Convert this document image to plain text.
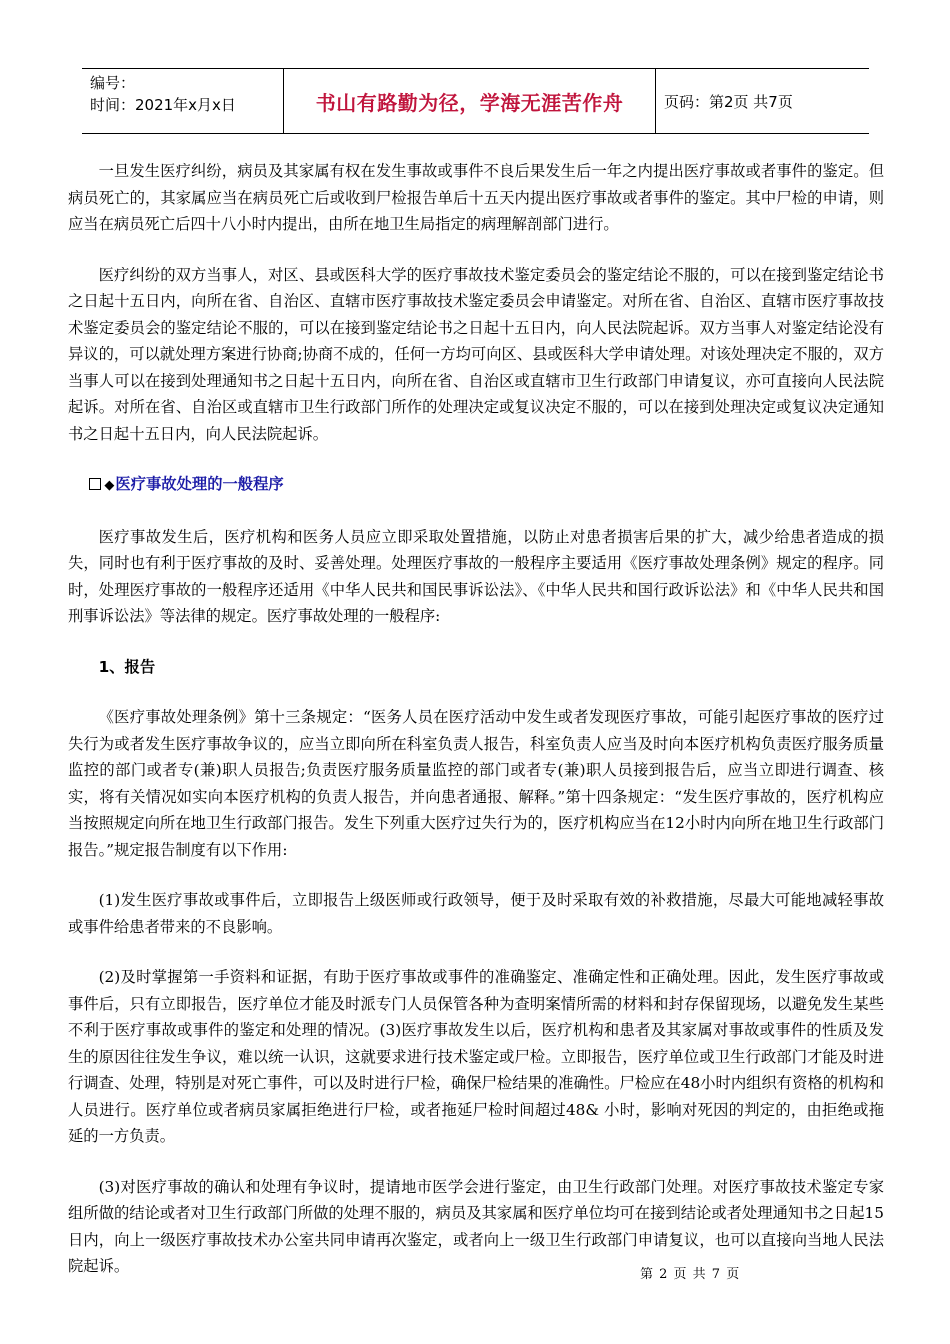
编号：
时间：2021年x月x日	书山有路勤为径，学海无涯苦作舟	页码：第2页 共7页

一旦发生医疗纠纷，病员及其家属有权在发生事故或事件不良后果发生后一年之内提出医疗事故或者事件的鉴定。但病员死亡的，其家属应当在病员死亡后或收到尸检报告单后十五天内提出医疗事故或者事件的鉴定。其中尸检的申请，则应当在病员死亡后四十八小时内提出，由所在地卫生局指定的病理解剖部门进行。

医疗纠纷的双方当事人，对区、县或医科大学的医疗事故技术鉴定委员会的鉴定结论不服的，可以在接到鉴定结论书之日起十五日内，向所在省、自治区、直辖市医疗事故技术鉴定委员会申请鉴定。对所在省、自治区、直辖市医疗事故技术鉴定委员会的鉴定结论不服的，可以在接到鉴定结论书之日起十五日内，向人民法院起诉。双方当事人对鉴定结论没有异议的，可以就处理方案进行协商;协商不成的，任何一方均可向区、县或医科大学申请处理。对该处理决定不服的，双方当事人可以在接到处理通知书之日起十五日内，向所在省、自治区或直辖市卫生行政部门申请复议，亦可直接向人民法院起诉。对所在省、自治区或直辖市卫生行政部门所作的处理决定或复议决定不服的，可以在接到处理决定或复议决定通知书之日起十五日内，向人民法院起诉。

◆医疗事故处理的一般程序

医疗事故发生后，医疗机构和医务人员应立即采取处置措施，以防止对患者损害后果的扩大，减少给患者造成的损失，同时也有利于医疗事故的及时、妥善处理。处理医疗事故的一般程序主要适用《医疗事故处理条例》规定的程序。同时，处理医疗事故的一般程序还适用《中华人民共和国民事诉讼法》、《中华人民共和国行政诉讼法》和《中华人民共和国刑事诉讼法》等法律的规定。医疗事故处理的一般程序:

1、报告

《医疗事故处理条例》第十三条规定：“医务人员在医疗活动中发生或者发现医疗事故，可能引起医疗事故的医疗过失行为或者发生医疗事故争议的，应当立即向所在科室负责人报告，科室负责人应当及时向本医疗机构负责医疗服务质量监控的部门或者专(兼)职人员报告;负责医疗服务质量监控的部门或者专(兼)职人员接到报告后，应当立即进行调查、核实，将有关情况如实向本医疗机构的负责人报告，并向患者通报、解释。”第十四条规定：“发生医疗事故的，医疗机构应当按照规定向所在地卫生行政部门报告。发生下列重大医疗过失行为的，医疗机构应当在12小时内向所在地卫生行政部门报告。”规定报告制度有以下作用:

(1)发生医疗事故或事件后，立即报告上级医师或行政领导，便于及时采取有效的补救措施，尽最大可能地减轻事故或事件给患者带来的不良影响。

(2)及时掌握第一手资料和证据，有助于医疗事故或事件的准确鉴定、准确定性和正确处理。因此，发生医疗事故或事件后，只有立即报告，医疗单位才能及时派专门人员保管各种为查明案情所需的材料和封存保留现场，以避免发生某些不利于医疗事故或事件的鉴定和处理的情况。(3)医疗事故发生以后，医疗机构和患者及其家属对事故或事件的性质及发生的原因往往发生争议，难以统一认识，这就要求进行技术鉴定或尸检。立即报告，医疗单位或卫生行政部门才能及时进行调查、处理，特别是对死亡事件，可以及时进行尸检，确保尸检结果的准确性。尸检应在48小时内组织有资格的机构和人员进行。医疗单位或者病员家属拒绝进行尸检，或者拖延尸检时间超过48& 小时，影响对死因的判定的，由拒绝或拖延的一方负责。

(3)对医疗事故的确认和处理有争议时，提请地市医学会进行鉴定，由卫生行政部门处理。对医疗事故技术鉴定专家组所做的结论或者对卫生行政部门所做的处理不服的，病员及其家属和医疗单位均可在接到结论或者处理通知书之日起15日内，向上一级医疗事故技术办公室共同申请再次鉴定，或者向上一级卫生行政部门申请复议，也可以直接向当地人民法院起诉。	第 2 页 共 7 页
